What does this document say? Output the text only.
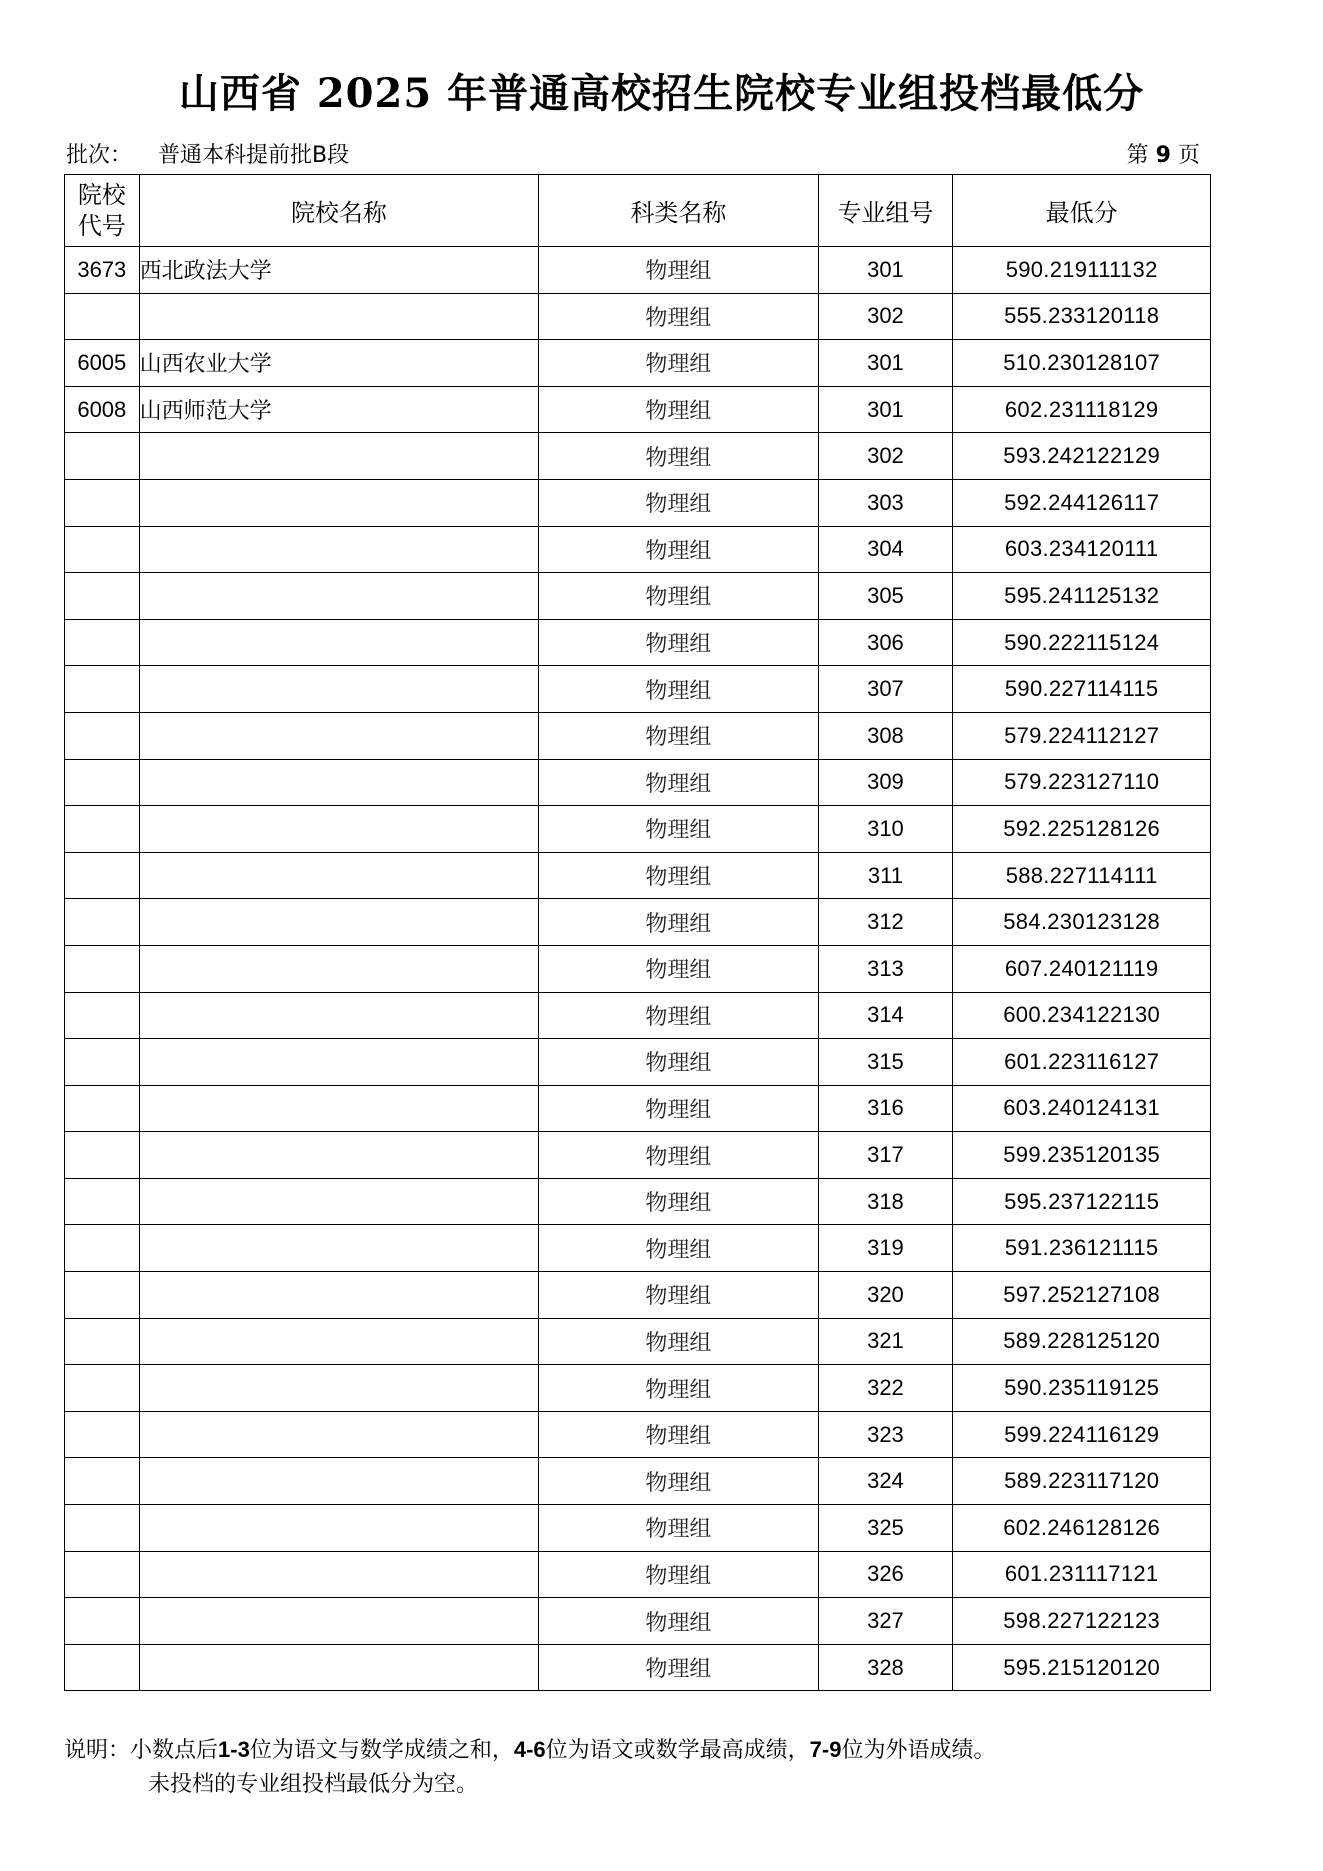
山西省 2025 年普通高校招生院校专业组投档最低分
批次： 普通本科提前批B段	第 9 页
院校
代号	院校名称	科类名称	专业组号	最低分
3673	西北政法大学	物理组	301	590.219111132
		物理组	302	555.233120118
6005	山西农业大学	物理组	301	510.230128107
6008	山西师范大学	物理组	301	602.231118129
		物理组	302	593.242122129
		物理组	303	592.244126117
		物理组	304	603.234120111
		物理组	305	595.241125132
		物理组	306	590.222115124
		物理组	307	590.227114115
		物理组	308	579.224112127
		物理组	309	579.223127110
		物理组	310	592.225128126
		物理组	311	588.227114111
		物理组	312	584.230123128
		物理组	313	607.240121119
		物理组	314	600.234122130
		物理组	315	601.223116127
		物理组	316	603.240124131
		物理组	317	599.235120135
		物理组	318	595.237122115
		物理组	319	591.236121115
		物理组	320	597.252127108
		物理组	321	589.228125120
		物理组	322	590.235119125
		物理组	323	599.224116129
		物理组	324	589.223117120
		物理组	325	602.246128126
		物理组	326	601.231117121
		物理组	327	598.227122123
		物理组	328	595.215120120
说明：小数点后1-3位为语文与数学成绩之和，4-6位为语文或数学最高成绩，7-9位为外语成绩。
未投档的专业组投档最低分为空。
